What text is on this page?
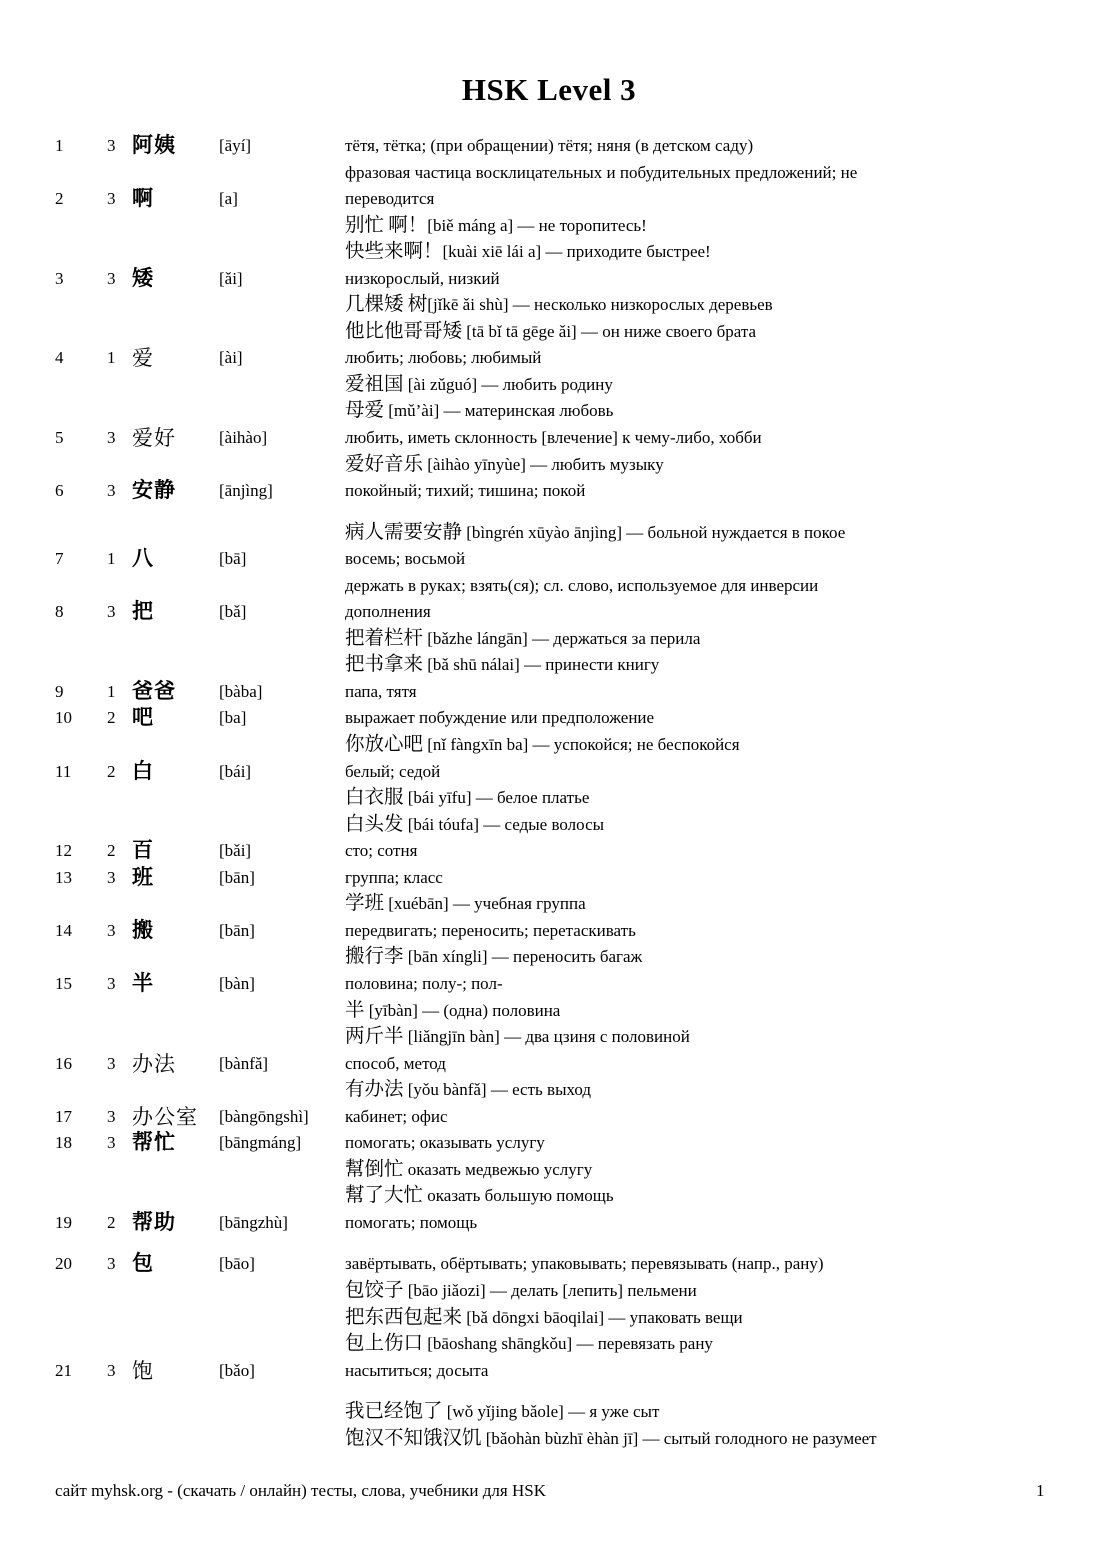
HSK Level 3
1	3 阿姨	[āyí]	тётя, тётка; (при обращении) тётя; няня (в детском саду)
фразовая частица восклицательных и побудительных предложений; не
2	3 啊	[a]	переводится
别忙 啊！[biě máng a] — не торопитесь!
快些来啊！[kuài xiē lái a] — приходите быстрее!
3	3 矮	[ǎi]	низкорослый, низкий
几棵矮 树[jǐkē ǎi shù] — несколько низкорослых деревьев
他比他哥哥矮 [tā bǐ tā gēge ǎi] — он ниже своего брата
4	1 爱	[ài]	любить; любовь; любимый
爱祖国 [ài zǔguó] — любить родину
母爱 [mǔ’ài] — материнская любовь
5	3 爱好	[àihào]	любить, иметь склонность [влечение] к чему-либо, хобби
爱好音乐 [àihào yīnyùe] — любить музыку
6	3 安静	[ānjìng]	покойный; тихий; тишина; покой
病人需要安静 [bìngrén xūyào ānjìng] — больной нуждается в покое
7	1 八	[bā]	восемь; восьмой
держать в руках; взять(ся); сл. слово, используемое для инверсии
8	3 把	[bǎ]	дополнения
把着栏杆 [bǎzhe lángān] — держаться за перила
把书拿来 [bǎ shū nálai] — принести книгу
9	1 爸爸	[bàba]	папа, тятя
10 2 吧	[ba]	выражает побуждение или предположение
你放心吧 [nǐ fàngxīn ba] — успокойся; не беспокойся
11 2 白	[bái]	белый; седой
白衣服 [bái yīfu] — белое платье
白头发 [bái tóufa] — седые волосы
12 2 百	[bǎi]	сто; сотня
13 3 班	[bān]	группа; класс
学班 [xuébān] — учебная группа
14 3 搬	[bān]	передвигать; переносить; перетаскивать
搬行李 [bān xíngli] — переносить багаж
15 3 半	[bàn]	половина; полу-; пол-
半 [yībàn] — (одна) половина
两斤半 [liǎngjīn bàn] — два цзиня с половиной
16 3 办法	[bànfǎ]	способ, метод
有办法 [yǒu bànfǎ] — есть выход
17 3 办公室 [bàngōngshì] кабинет; офис
18 3 帮忙	[bāngmáng]	помогать; оказывать услугу
幫倒忙 оказать медвежью услугу
幫了大忙 оказать большую помощь
19 2 帮助	[bāngzhù]	помогать; помощь
20 3 包	[bāo]	завёртывать, обёртывать; упаковывать; перевязывать (напр., рану)
包饺子 [bāo jiǎozi] — делать [лепить] пельмени
把东西包起来 [bǎ dōngxi bāoqilai] — упаковать вещи
包上伤口 [bāoshang shāngkǒu] — перевязать рану
21 3 饱	[bǎo]	насытиться; досыта
我已经饱了 [wǒ yǐjing bǎole] — я уже сыт
饱汉不知饿汉饥 [bǎohàn bùzhī èhàn jī] — сытый голодного не разумеет
сайт myhsk.org - (скачать / онлайн) тесты, слова, учебники для HSK	1
